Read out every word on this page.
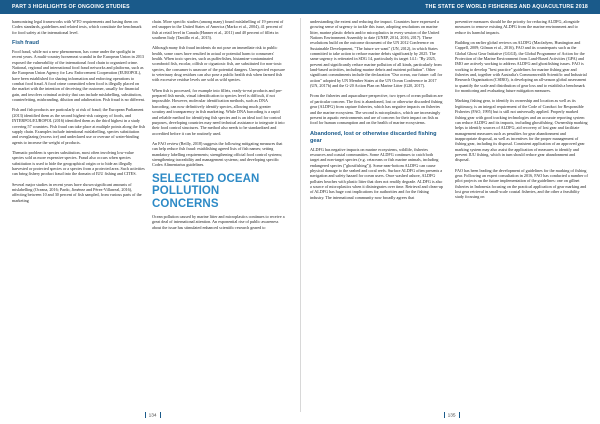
PART 3 HIGHLIGHTS OF ONGOING STUDIES	THE STATE OF WORLD FISHERIES AND AQUACULTURE 2018

harmonizing legal frameworks with WTO requirements and basing them on Codex standards, guidelines and related texts, which constitute the benchmark for food safety at the international level.

Fish fraud

Food fraud, while not a new phenomenon, has come under the spotlight in recent years. A multi-country horsemeat scandal in the European Union in 2013 exposed the vulnerability of the international food chain to organized crime. National, regional and international food fraud networks and platforms, such as the European Union Agency for Law Enforcement Cooperation (EUROPOL), have been established for sharing information and enforcing operations to combat food fraud. A food crime committed when food is illegally placed on the market with the intention of deceiving the customer, usually for financial gain, and involves criminal activity that can include mislabelling, substitution, counterfeiting, misbranding, dilution and adulteration. Fish fraud is no different.

Fish and fish products are particularly at risk of fraud; the European Parliament (2013) identified them as the second highest-risk category of foods, and INTERPOL/EUROPOL (2016) identified them as the third highest in a study covering 57 countries. Fish fraud can take place at multiple points along the fish supply chain. Examples include intentional mislabelling, species substitution and overglazing (excess ice) and undeclared use or overuse of water-binding agents to increase the weight of products.

Thematic problem is species substitution, most often involving low-value species sold as more expensive species. Fraud also occurs when species substitution is used to hide the geographical origin or to hide an illegally harvested or protected species or a species from a protected area. Such activities can bring fishery product fraud into the domain of IUU fishing and CITES.

Several major studies in recent years have shown significant amounts of mislabelling (Oceana, 2016; Pardo, Jiménez and Pérez-Villarreal, 2016), affecting between 10 and 30 percent of fish sampled, from various parts of the marketing

chain. More specific studies (among many) found mislabelling of 19 percent of red snapper in the United States of America (Marko et al., 2004), 41 percent of fish at retail level in Canada (Hanner et al., 2011) and 40 percent of fillets in southern Italy (Tantillo et al., 2015).

Although many fish fraud incidents do not pose an immediate risk to public health, some cases have resulted in actual or potential harm to consumers' health. When toxic species, such as pufferfishes, histamine-contaminated scombroid fish, escolar, oilfish or ciguatoxic fish, are substituted for non-toxic species, the consumer is unaware of the potential dangers. Unexpected exposure to veterinary drug residues can also pose a public health risk when farmed fish with excessive residue levels are sold as wild species.

When fish is processed, for example into fillets, ready-to-eat products and pre-prepared fish meals, visual identification to species level is difficult, if not impossible. However, molecular identification methods, such as DNA barcoding, can now definitively identify species, allowing much greater scrutiny and transparency in fish marketing. While DNA barcoding is a rapid and reliable method for identifying fish species and is an ideal tool for control purposes, developing countries may need technical assistance to integrate it into their food control structures. The method also needs to be standardized and accredited before it can be routinely used.

An FAO review (Reilly, 2018) suggests the following mitigating measures that can help reduce fish fraud: establishing agreed lists of fish names; setting mandatory labelling requirements; strengthening official food control systems; strengthening traceability and management systems; and developing specific Codex Alimentarius guidelines.

SELECTED OCEAN POLLUTION CONCERNS

Ocean pollution caused by marine litter and microplastics continues to receive a great deal of international attention. An exponential rise of public awareness about the issue has stimulated enhanced scientific research geared to

understanding the extent and reducing the impact. Countries have expressed a growing sense of urgency to tackle this issue, adopting resolutions on marine litter, marine plastic debris and/or microplastics in every session of the United Nations Environment Assembly to date (UNEP, 2014, 2016, 2017). These resolutions build on the outcome document of the UN 2012 Conference on Sustainable Development, "The future we want" (UN, 2012), in which States committed to take action to reduce marine debris significantly by 2025. The same urgency is reiterated in SDG 14, particularly its target 14.1: "By 2025, prevent and significantly reduce marine pollution of all kinds, particularly from land-based activities, including marine debris and nutrient pollution". Other significant commitments include the declaration "Our ocean, our future: call for action" adopted by UN Member States at the UN Ocean Conference in 2017 (UN, 2017b) and the G-20 Action Plan on Marine Litter (G20, 2017).

From the fisheries and aquaculture perspective, two types of ocean pollution are of particular concern. The first is abandoned, lost or otherwise discarded fishing gear (ALDFG) from capture fisheries, which has negative impacts on fisheries and the marine ecosystem. The second is microplastics, which are increasingly present in aquatic environments and are of concern for their impact on fish as food for human consumption and on the health of marine ecosystems.

Abandoned, lost or otherwise discarded fishing gear

ALDFG has negative impacts on marine ecosystems, wildlife, fisheries resources and coastal communities. Some ALDFG continues to catch both target and non-target species (e.g. cetaceans or fish marine animals, including endangered species ("ghostfishing")). Some near-bottom ALDFG can cause physical damage to the seabed and coral reefs. Surface ALDFG often presents a navigation and safety hazard for ocean users. Once washed ashore, ALDFG pollutes beaches with plastic litter that does not readily degrade. ALDFG is also a source of microplastics when it disintegrates over time. Retrieval and clean-up of ALDFG has huge cost implications for authorities and for the fishing industry. The international community now broadly agrees that

preventive measures should be the priority for reducing ALDFG, alongside measures to remove existing ALDFG from the marine environment and to reduce its harmful impacts.

Building on earlier global reviews on ALDFG (Macfadyen, Huntington and Cappell, 2009; Gilman et al., 2016), FAO and its counterparts such as the Global Ghost Gear Initiative (GGGI), the Global Programme of Action for the Protection of the Marine Environment from Land-Based Activities (GPA) and IMO are actively working to address ALDFG and ghostfishing issues. FAO is working to develop "best practice" guidelines for marine fishing gear and fisheries and, together with Australia's Commonwealth Scientific and Industrial Research Organisation (CSIRO), is developing an all-season global assessment to quantify the scale and distribution of gear loss and to establish a benchmark for monitoring and evaluating future mitigation measures.

Marking fishing gear, to identify its ownership and location as well as its legitimacy, is an integral requirement of the Code of Conduct for Responsible Fisheries (FAO, 1995) but is still not universally applied. Properly marked fishing gear with good tracking technologies and an accurate reporting system can reduce ALDFG and its impacts, including ghostfishing. Ownership marking helps to identify sources of ALDFG, aid recovery of lost gear and facilitate management measures such as penalties for gear abandonment and inappropriate disposal, as well as incentives for the proper management of fishing gear, including its disposal. Consistent application of an approved gear marking system may also assist the application of measures to identify and prevent IUU fishing, which in turn should reduce gear abandonment and disposal.

FAO has been leading the development of guidelines for the marking of fishing gear. Following an expert consultation in 2016, FAO has conducted a number of pilot projects on the future implementation of the guidelines: one on gillnet fisheries in Indonesia focusing on the practical application of gear marking and lost gear retrieval in small-scale coastal fisheries, and the other a feasibility study focusing on

134	135
